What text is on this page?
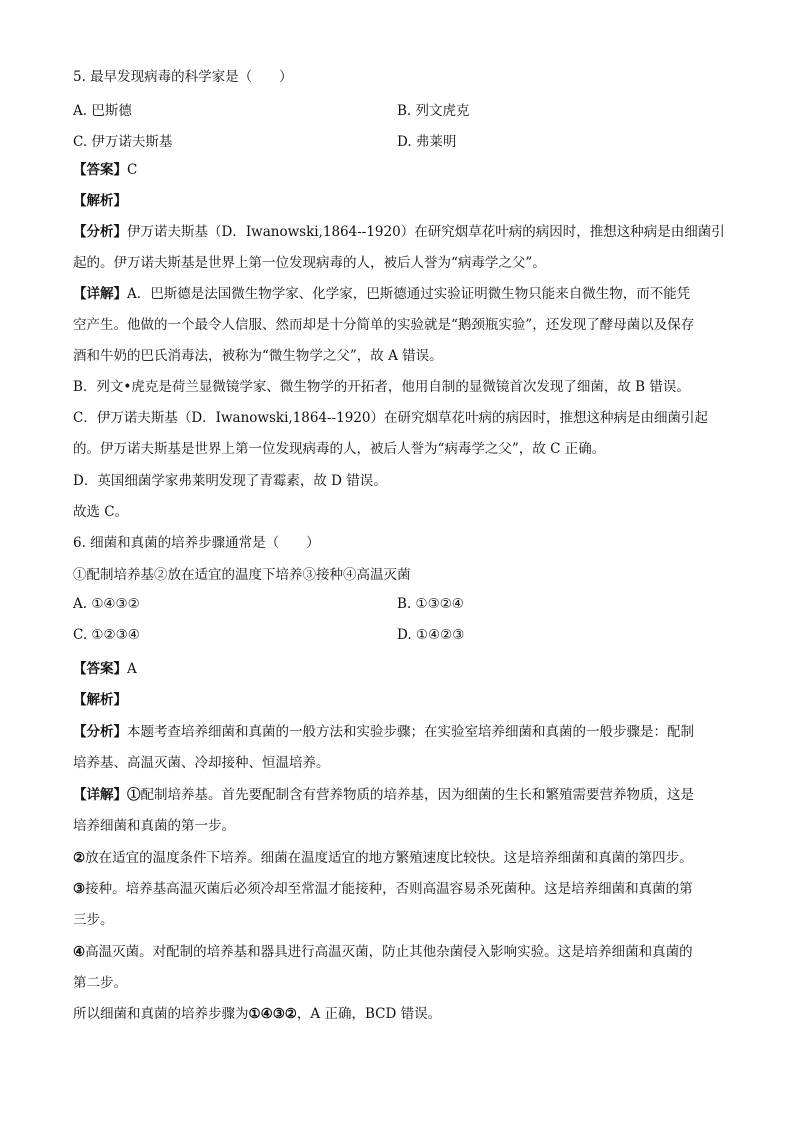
5. 最早发现病毒的科学家是（　　）
A. 巴斯德	B. 列文虎克
C. 伊万诺夫斯基	D. 弗莱明
【答案】C
【解析】
【分析】伊万诺夫斯基（D．Iwanowski,1864--1920）在研究烟草花叶病的病因时，推想这种病是由细菌引
起的。伊万诺夫斯基是世界上第一位发现病毒的人，被后人誉为“病毒学之父”。
【详解】A．巴斯德是法国微生物学家、化学家，巴斯德通过实验证明微生物只能来自微生物，而不能凭
空产生。他做的一个最令人信服、然而却是十分简单的实验就是“鹅颈瓶实验”，还发现了酵母菌以及保存
酒和牛奶的巴氏消毒法，被称为“微生物学之父”，故 A 错误。
B．列文•虎克是荷兰显微镜学家、微生物学的开拓者，他用自制的显微镜首次发现了细菌，故 B 错误。
C．伊万诺夫斯基（D．Iwanowski,1864--1920）在研究烟草花叶病的病因时，推想这种病是由细菌引起
的。伊万诺夫斯基是世界上第一位发现病毒的人，被后人誉为“病毒学之父”，故 C 正确。
D．英国细菌学家弗莱明发现了青霉素，故 D 错误。
故选 C。
6. 细菌和真菌的培养步骤通常是（　　）
①配制培养基②放在适宜的温度下培养③接种④高温灭菌
A. ①④③②	B. ①③②④
C. ①②③④	D. ①④②③
【答案】A
【解析】
【分析】本题考查培养细菌和真菌的一般方法和实验步骤；在实验室培养细菌和真菌的一般步骤是：配制
培养基、高温灭菌、冷却接种、恒温培养。
【详解】①配制培养基。首先要配制含有营养物质的培养基，因为细菌的生长和繁殖需要营养物质，这是
培养细菌和真菌的第一步。
②放在适宜的温度条件下培养。细菌在温度适宜的地方繁殖速度比较快。这是培养细菌和真菌的第四步。
③接种。培养基高温灭菌后必须冷却至常温才能接种，否则高温容易杀死菌种。这是培养细菌和真菌的第
三步。
④高温灭菌。对配制的培养基和器具进行高温灭菌，防止其他杂菌侵入影响实验。这是培养细菌和真菌的
第二步。
所以细菌和真菌的培养步骤为①④③②，A 正确，BCD 错误。
